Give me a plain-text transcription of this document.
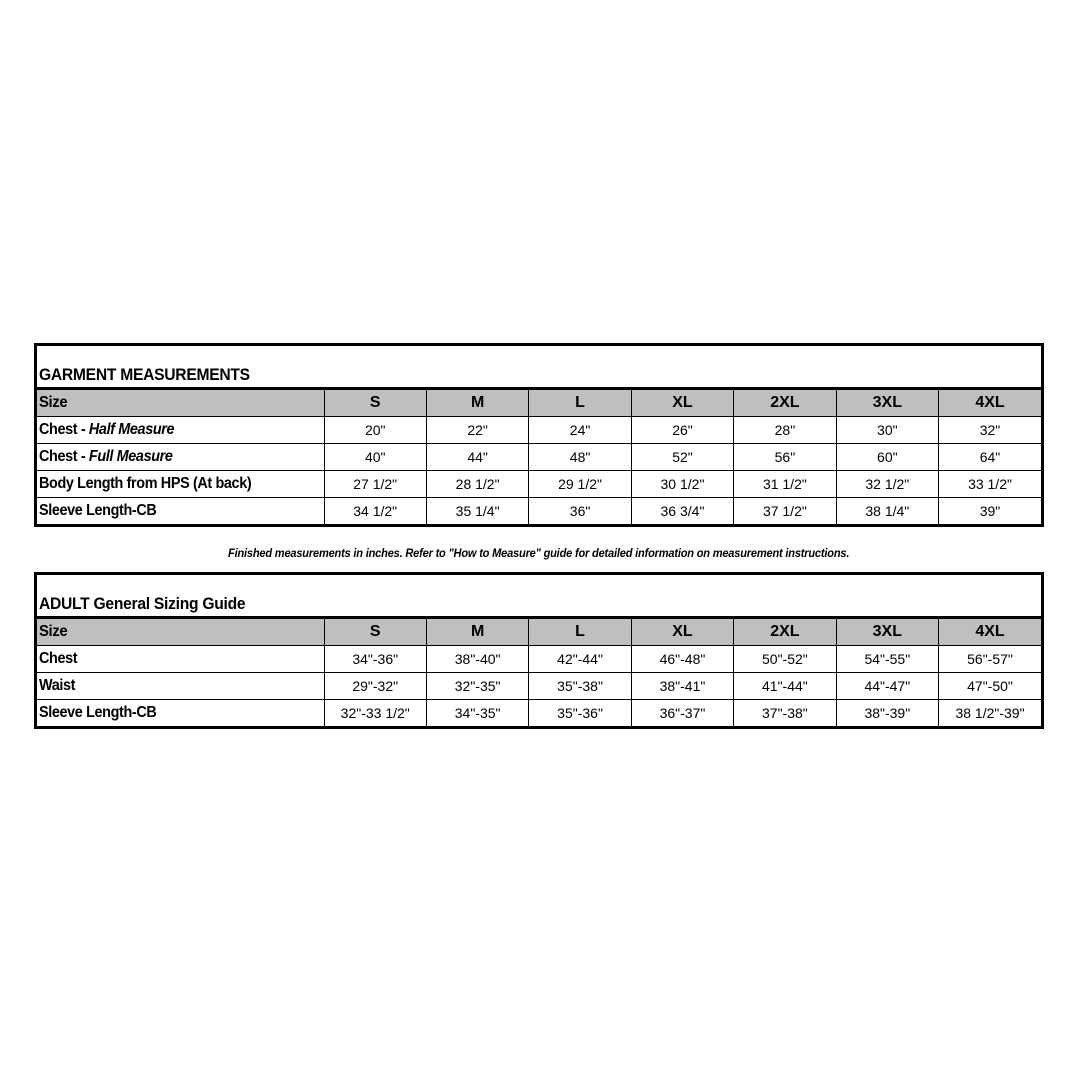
GARMENT MEASUREMENTS
Size	S	M	L	XL	2XL	3XL	4XL
Chest - Half Measure	20"	22"	24"	26"	28"	30"	32"
Chest - Full Measure	40"	44"	48"	52"	56"	60"	64"
Body Length from HPS (At back)	27 1/2"	28 1/2"	29 1/2"	30 1/2"	31 1/2"	32 1/2"	33 1/2"
Sleeve Length-CB	34 1/2"	35 1/4"	36"	36 3/4"	37 1/2"	38 1/4"	39"
Finished measurements in inches. Refer to "How to Measure" guide for detailed information on measurement instructions.
ADULT General Sizing Guide
Size	S	M	L	XL	2XL	3XL	4XL
Chest	34"-36"	38"-40"	42"-44"	46"-48"	50"-52"	54"-55"	56"-57"
Waist	29"-32"	32"-35"	35"-38"	38"-41"	41"-44"	44"-47"	47"-50"
Sleeve Length-CB	32"-33 1/2"	34"-35"	35"-36"	36"-37"	37"-38"	38"-39"	38 1/2"-39"
